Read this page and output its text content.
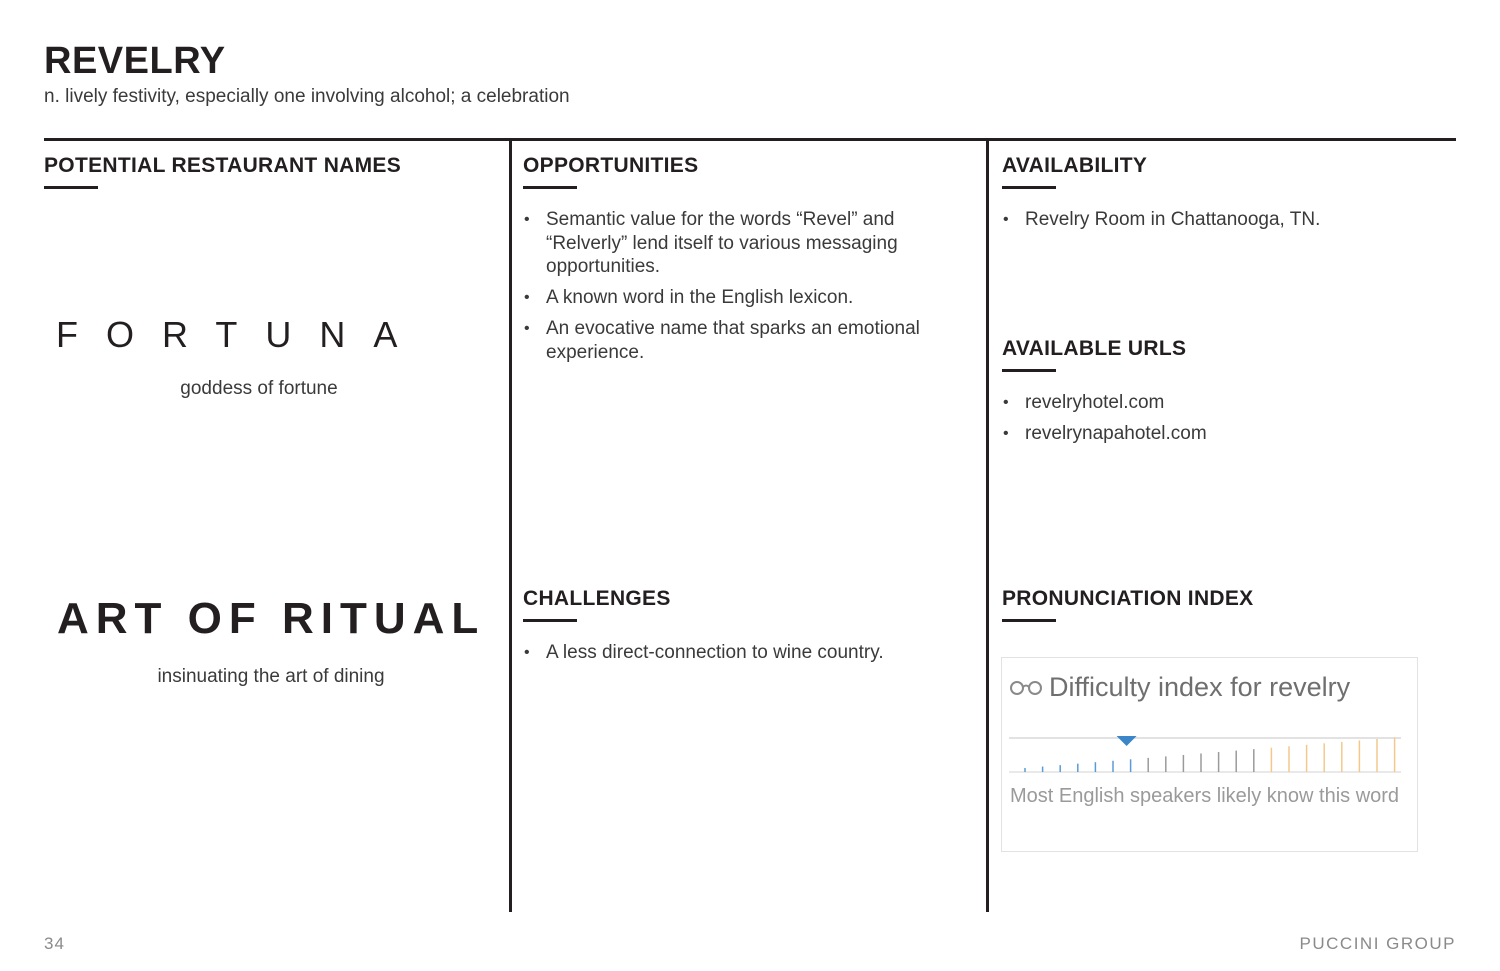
REVELRY
n. lively festivity, especially one involving alcohol; a celebration
POTENTIAL RESTAURANT NAMES
FORTUNA
goddess of fortune
ART OF RITUAL
insinuating the art of dining
OPPORTUNITIES
• Semantic value for the words “Revel” and “Relverly” lend itself to various messaging opportunities.
• A known word in the English lexicon.
• An evocative name that sparks an emotional experience.
CHALLENGES
• A less direct-connection to wine country.
AVAILABILITY
• Revelry Room in Chattanooga, TN.
AVAILABLE URLS
• revelryhotel.com
• revelrynapahotel.com
PRONUNCIATION INDEX
Difficulty index for revelry
Most English speakers likely know this word
34	PUCCINI GROUP
